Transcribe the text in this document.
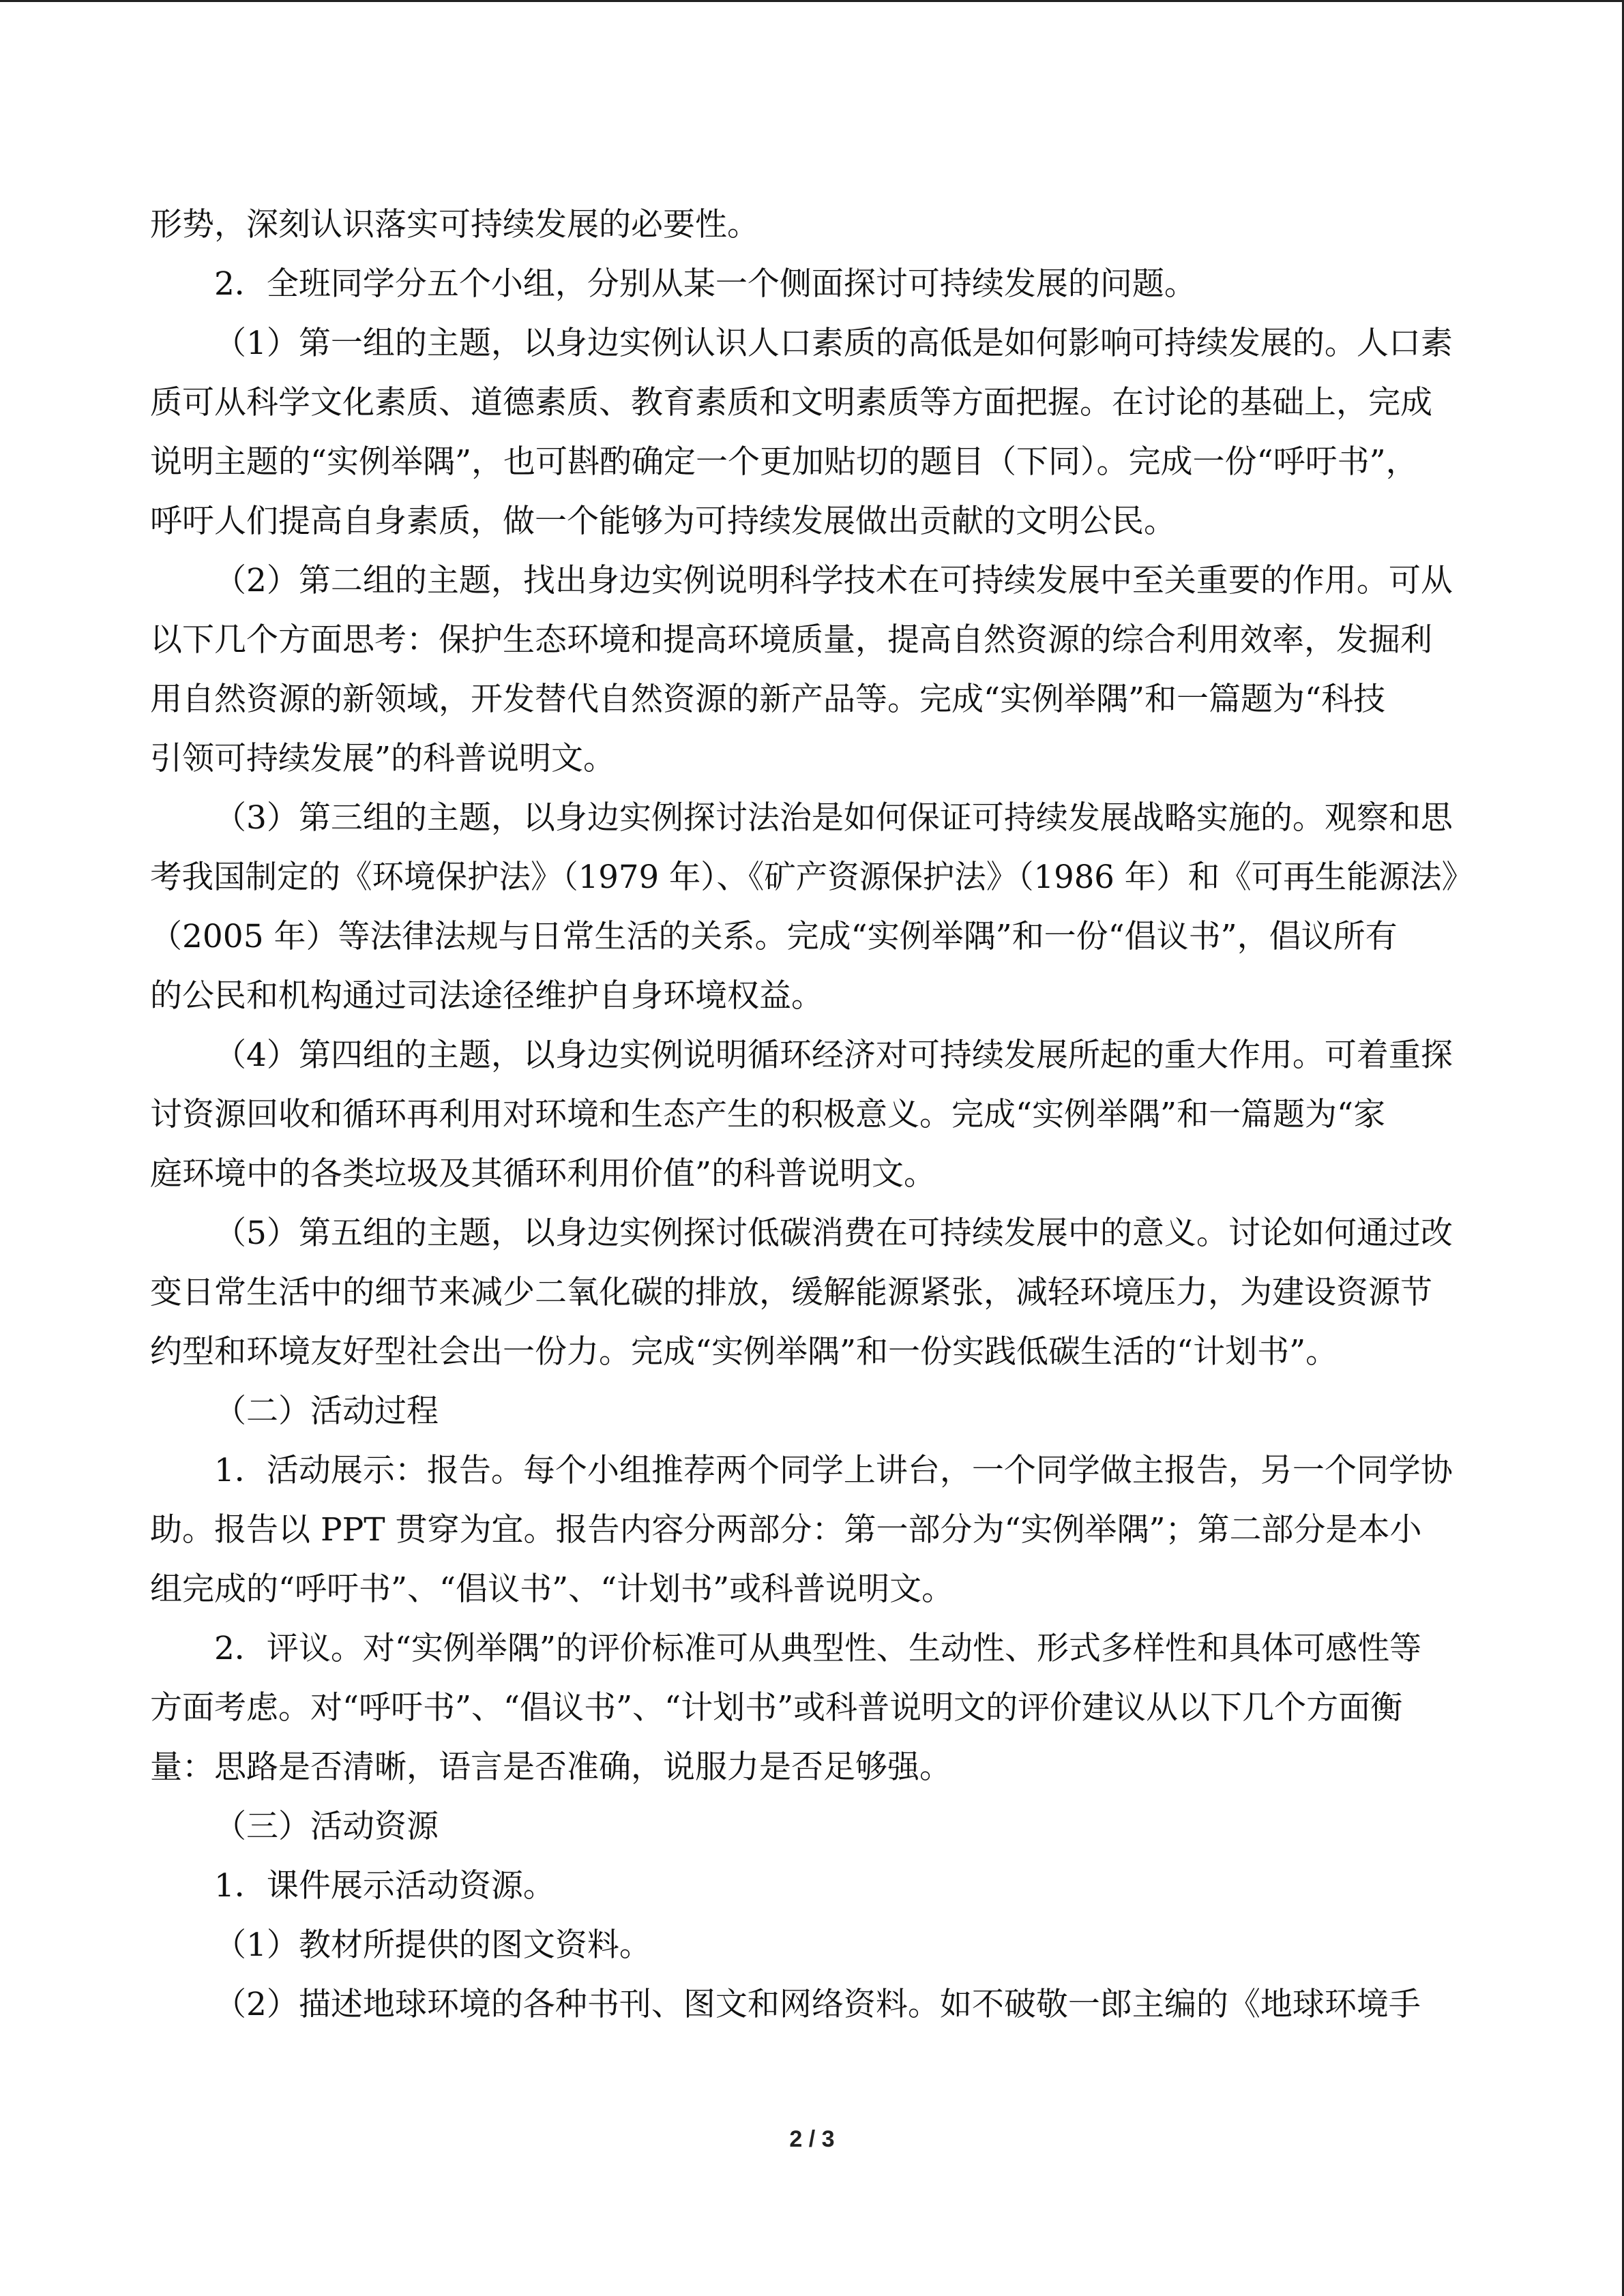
形势，深刻认识落实可持续发展的必要性。
2．全班同学分五个小组，分别从某一个侧面探讨可持续发展的问题。
（1）第一组的主题，以身边实例认识人口素质的高低是如何影响可持续发展的。人口素
质可从科学文化素质、道德素质、教育素质和文明素质等方面把握。在讨论的基础上，完成
说明主题的“实例举隅”，也可斟酌确定一个更加贴切的题目（下同）。完成一份“呼吁书”，
呼吁人们提高自身素质，做一个能够为可持续发展做出贡献的文明公民。
（2）第二组的主题，找出身边实例说明科学技术在可持续发展中至关重要的作用。可从
以下几个方面思考：保护生态环境和提高环境质量，提高自然资源的综合利用效率，发掘利
用自然资源的新领域，开发替代自然资源的新产品等。完成“实例举隅”和一篇题为“科技
引领可持续发展”的科普说明文。
（3）第三组的主题，以身边实例探讨法治是如何保证可持续发展战略实施的。观察和思
考我国制定的《环境保护法》（1979 年）、《矿产资源保护法》（1986 年）和《可再生能源法》
（2005 年）等法律法规与日常生活的关系。完成“实例举隅”和一份“倡议书”，倡议所有
的公民和机构通过司法途径维护自身环境权益。
（4）第四组的主题，以身边实例说明循环经济对可持续发展所起的重大作用。可着重探
讨资源回收和循环再利用对环境和生态产生的积极意义。完成“实例举隅”和一篇题为“家
庭环境中的各类垃圾及其循环利用价值”的科普说明文。
（5）第五组的主题，以身边实例探讨低碳消费在可持续发展中的意义。讨论如何通过改
变日常生活中的细节来减少二氧化碳的排放，缓解能源紧张，减轻环境压力，为建设资源节
约型和环境友好型社会出一份力。完成“实例举隅”和一份实践低碳生活的“计划书”。
（二）活动过程
1．活动展示：报告。每个小组推荐两个同学上讲台，一个同学做主报告，另一个同学协
助。报告以 PPT 贯穿为宜。报告内容分两部分：第一部分为“实例举隅”；第二部分是本小
组完成的“呼吁书”、“倡议书”、“计划书”或科普说明文。
2．评议。对“实例举隅”的评价标准可从典型性、生动性、形式多样性和具体可感性等
方面考虑。对“呼吁书”、“倡议书”、“计划书”或科普说明文的评价建议从以下几个方面衡
量：思路是否清晰，语言是否准确，说服力是否足够强。
（三）活动资源
1．课件展示活动资源。
（1）教材所提供的图文资料。
（2）描述地球环境的各种书刊、图文和网络资料。如不破敬一郎主编的《地球环境手
2 / 3
